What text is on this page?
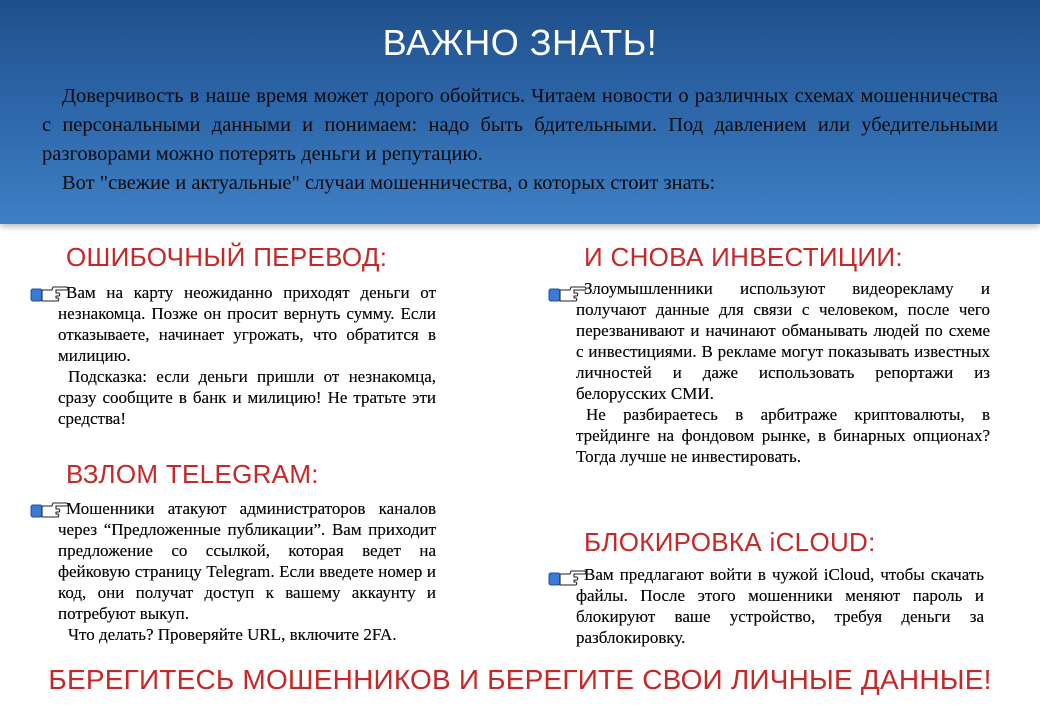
ВАЖНО ЗНАТЬ!

Доверчивость в наше время может дорого обойтись. Читаем новости о различных схемах мошенничества с персональными данными и понимаем: надо быть бдительными. Под давлением или убедительными разговорами можно потерять деньги и репутацию.

Вот "свежие и актуальные" случаи мошенничества, о которых стоит знать:

ОШИБОЧНЫЙ ПЕРЕВОД:

Вам на карту неожиданно приходят деньги от незнакомца. Позже он просит вернуть сумму. Если отказываете, начинает угрожать, что обратится в милицию.

Подсказка: если деньги пришли от незнакомца, сразу сообщите в банк и милицию! Не тратьте эти средства!

ВЗЛОМ TELEGRAM:

Мошенники атакуют администраторов каналов через “Предложенные публикации”. Вам приходит предложение со ссылкой, которая ведет на фейковую страницу Telegram. Если введете номер и код, они получат доступ к вашему аккаунту и потребуют выкуп.

Что делать? Проверяйте URL, включите 2FA.

И СНОВА ИНВЕСТИЦИИ:

Злоумышленники используют видеорекламу и получают данные для связи с человеком, после чего перезванивают и начинают обманывать людей по схеме с инвестициями. В рекламе могут показывать известных личностей и даже использовать репортажи из белорусских СМИ.

Не разбираетесь в арбитраже криптовалюты, в трейдинге на фондовом рынке, в бинарных опционах? Тогда лучше не инвестировать.

БЛОКИРОВКА iCLOUD:

Вам предлагают войти в чужой iCloud, чтобы скачать файлы. После этого мошенники меняют пароль и блокируют ваше устройство, требуя деньги за разблокировку.

БЕРЕГИТЕСЬ МОШЕННИКОВ И БЕРЕГИТЕ СВОИ ЛИЧНЫЕ ДАННЫЕ!
